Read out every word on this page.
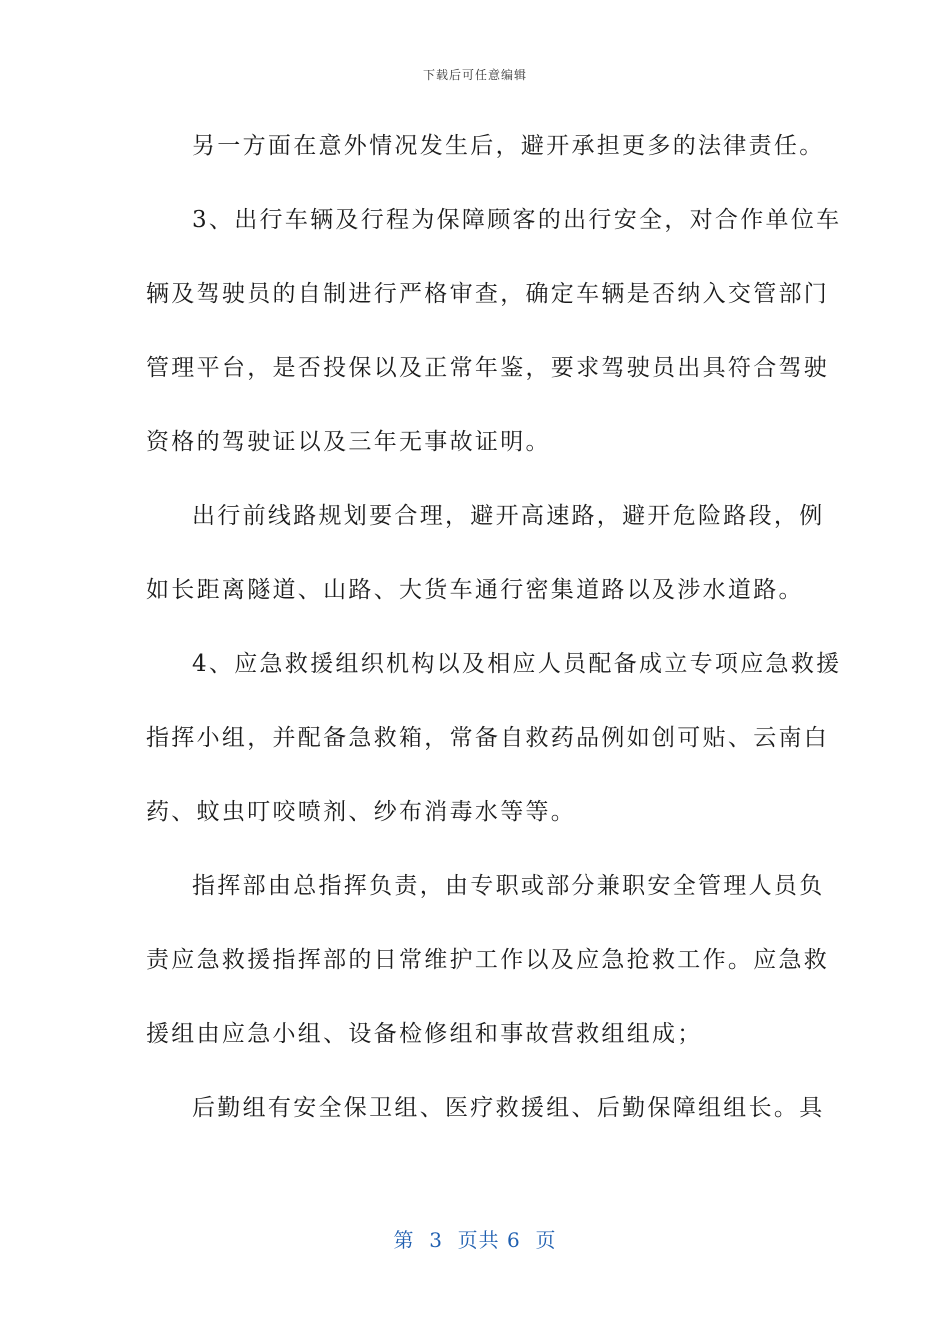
下载后可任意编辑
另一方面在意外情况发生后，避开承担更多的法律责任。
3、出行车辆及行程为保障顾客的出行安全，对合作单位车
辆及驾驶员的自制进行严格审查，确定车辆是否纳入交管部门
管理平台，是否投保以及正常年鉴，要求驾驶员出具符合驾驶
资格的驾驶证以及三年无事故证明。
出行前线路规划要合理，避开高速路，避开危险路段，例
如长距离隧道、山路、大货车通行密集道路以及涉水道路。
4、应急救援组织机构以及相应人员配备成立专项应急救援
指挥小组，并配备急救箱，常备自救药品例如创可贴、云南白
药、蚊虫叮咬喷剂、纱布消毒水等等。
指挥部由总指挥负责，由专职或部分兼职安全管理人员负
责应急救援指挥部的日常维护工作以及应急抢救工作。应急救
援组由应急小组、设备检修组和事故营救组组成；
后勤组有安全保卫组、医疗救援组、后勤保障组组长。具
第  3  页共 6  页
